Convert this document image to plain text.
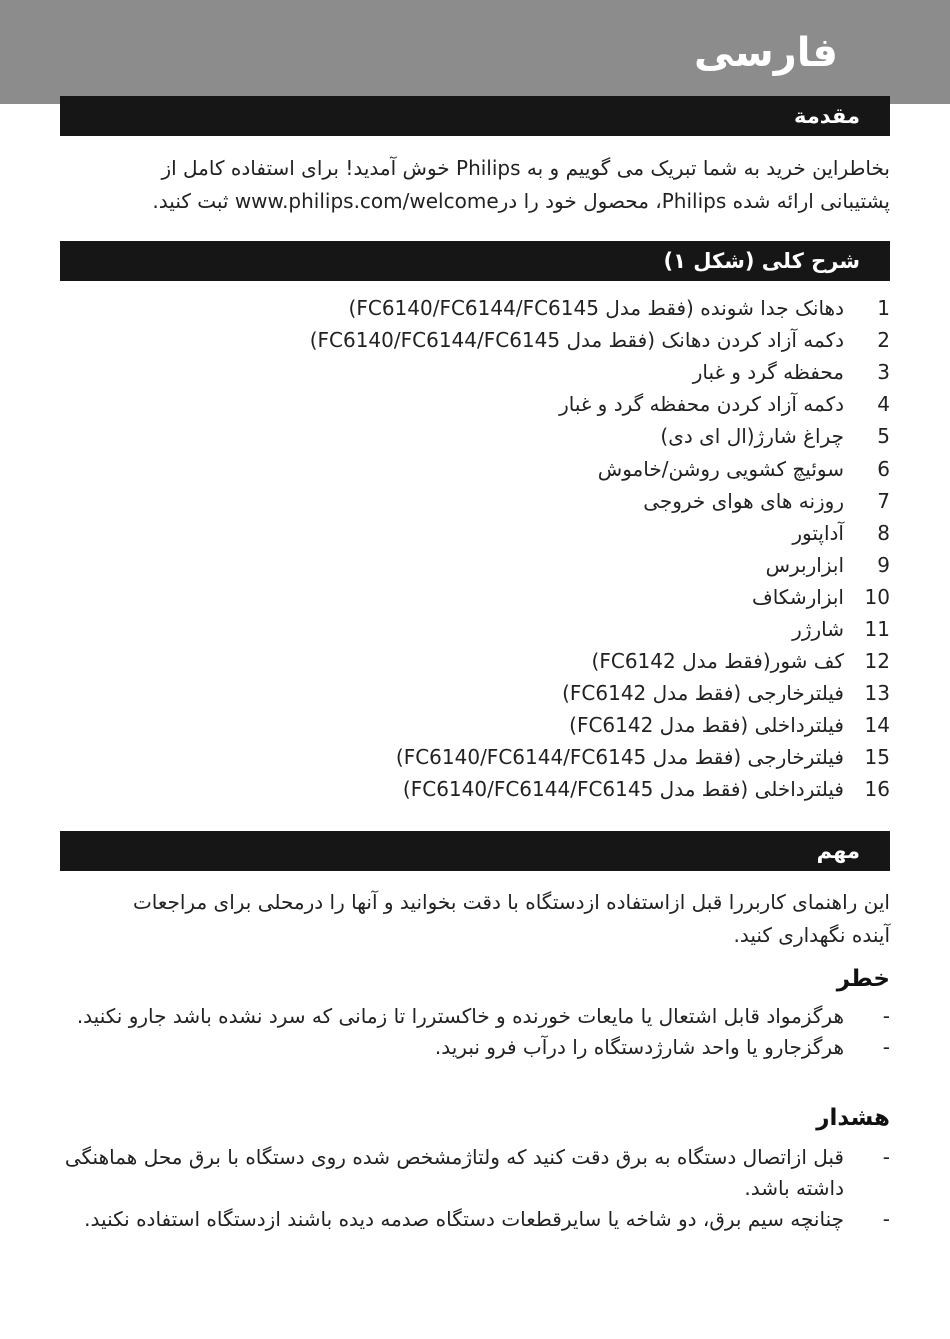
فارسی
مقدمة

بخاطراین خرید به شما تبریک می گوییم و به Philips خوش آمدید! برای استفاده کامل از

پشتیبانی ارائه شده Philips، محصول خود را درwww.philips.com/welcome ثبت کنید.

شرح کلی (شکل ۱)
1
دهانک جدا شونده (فقط مدل FC6140/FC6144/FC6145)
2
دکمه آزاد کردن دهانک (فقط مدل FC6140/FC6144/FC6145)
3
محفظه گرد و غبار
4
دکمه آزاد کردن محفظه گرد و غبار
5
چراغ شارژ(ال ای دی)
6
سوئیچ کشویی روشن/خاموش
7
روزنه های هوای خروجی
8
آداپتور
9
ابزاربرس
10
ابزارشکاف
11
شارژر
12
کف شور(فقط مدل FC6142)
13
فیلترخارجی (فقط مدل FC6142)
14
فیلترداخلی (فقط مدل FC6142)
15
فیلترخارجی (فقط مدل FC6140/FC6144/FC6145)
16
فیلترداخلی (فقط مدل FC6140/FC6144/FC6145)
مهم

این راهنمای کاربررا قبل ازاستفاده ازدستگاه با دقت بخوانید و آنها را درمحلی برای مراجعات

آینده نگهداری کنید.

خطر
-
هرگزمواد قابل اشتعال یا مایعات خورنده و خاکستررا تا زمانی که سرد نشده باشد جارو نکنید.
-
هرگزجارو یا واحد شارژدستگاه را درآب فرو نبرید.
هشدار
-
قبل ازاتصال دستگاه به برق دقت کنید که ولتاژمشخص شده روی دستگاه با برق محل هماهنگی داشته باشد.
-
چنانچه سیم برق، دو شاخه یا سایرقطعات دستگاه صدمه دیده باشند ازدستگاه استفاده نکنید.
